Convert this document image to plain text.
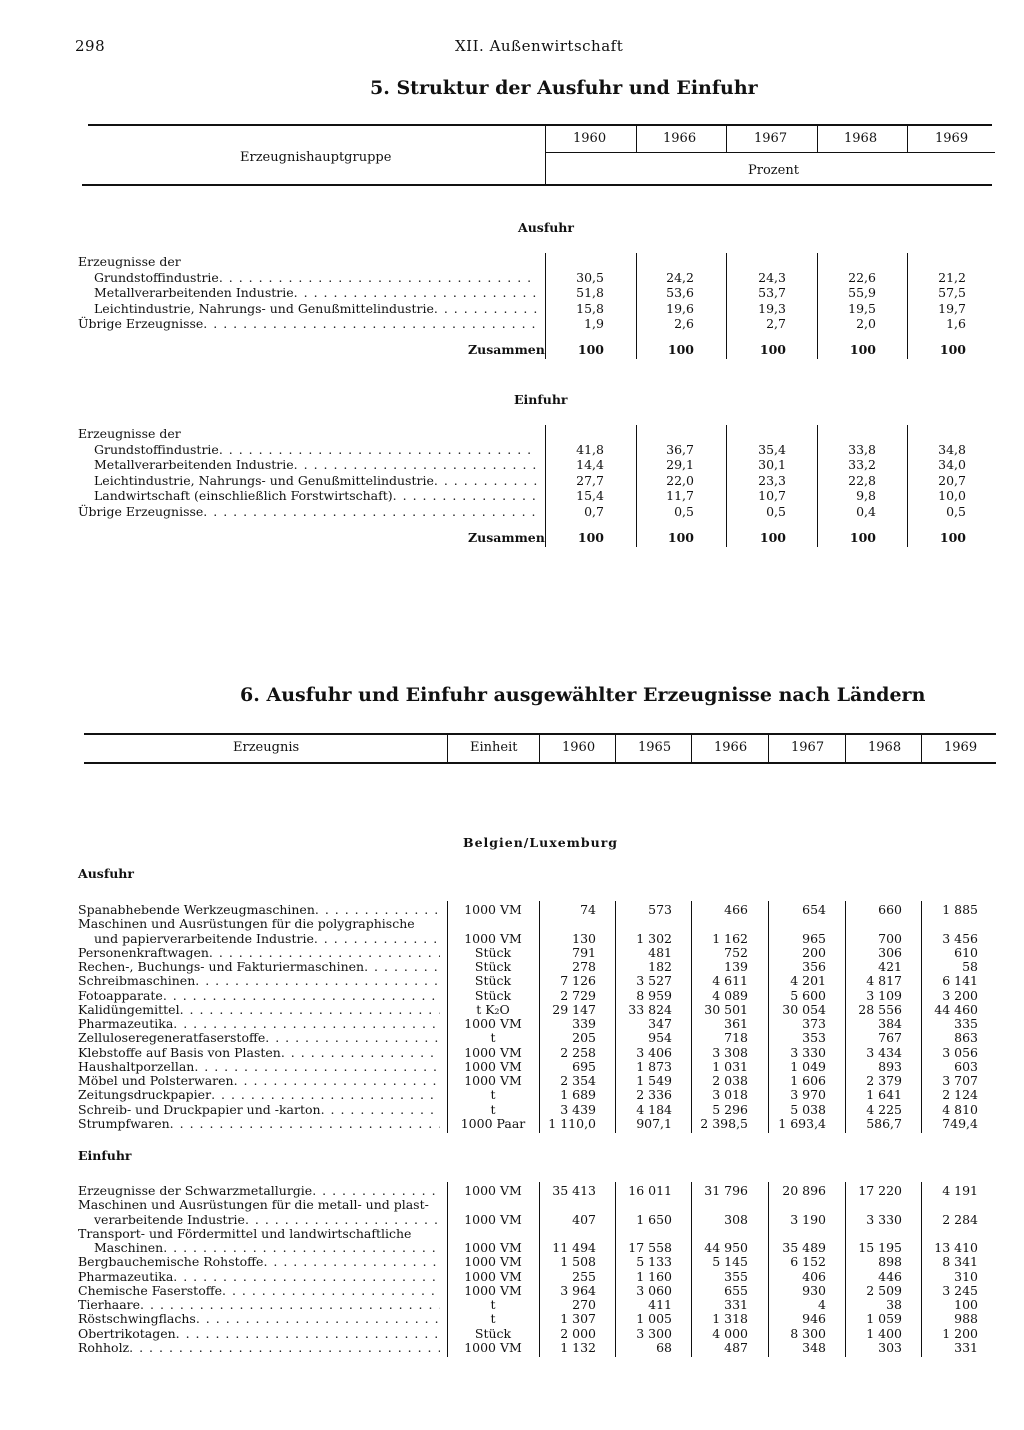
298	XII. Außenwirtschaft
5. Struktur der Ausfuhr und Einfuhr
Erzeugnishauptgruppe
1960	1966	1967	1968	1969
Prozent
Ausfuhr
Erzeugnisse der
Grundstoffindustrie . . .	30,5	24,2	24,3	22,6	21,2
Metallverarbeitenden Industrie . . .	51,8	53,6	53,7	55,9	57,5
Leichtindustrie, Nahrungs- und Genußmittelindustrie . . .	15,8	19,6	19,3	19,5	19,7
Übrige Erzeugnisse . . .	1,9	2,6	2,7	2,0	1,6
Zusammen	100	100	100	100	100
Einfuhr
Erzeugnisse der
Grundstoffindustrie . . .	41,8	36,7	35,4	33,8	34,8
Metallverarbeitenden Industrie . . .	14,4	29,1	30,1	33,2	34,0
Leichtindustrie, Nahrungs- und Genußmittelindustrie . . .	27,7	22,0	23,3	22,8	20,7
Landwirtschaft (einschließlich Forstwirtschaft) . . .	15,4	11,7	10,7	9,8	10,0
Übrige Erzeugnisse . . .	0,7	0,5	0,5	0,4	0,5
Zusammen	100	100	100	100	100
6. Ausfuhr und Einfuhr ausgewählter Erzeugnisse nach Ländern
Erzeugnis	Einheit	1960	1965	1966	1967	1968	1969
Belgien/Luxemburg
Ausfuhr
Spanabhebende Werkzeugmaschinen . . .	1000 VM	74	573	466	654	660	1 885
Maschinen und Ausrüstungen für die polygraphische
und papierverarbeitende Industrie . . .	1000 VM	130	1 302	1 162	965	700	3 456
Personenkraftwagen . . .	Stück	791	481	752	200	306	610
Rechen-, Buchungs- und Fakturiermaschinen . . .	Stück	278	182	139	356	421	58
Schreibmaschinen . . .	Stück	7 126	3 527	4 611	4 201	4 817	6 141
Fotoapparate . . .	Stück	2 729	8 959	4 089	5 600	3 109	3 200
Kalidüngemittel . . .	t K₂O	29 147	33 824	30 501	30 054	28 556	44 460
Pharmazeutika . . .	1000 VM	339	347	361	373	384	335
Zelluloseregeneratfaserstoffe . . .	t	205	954	718	353	767	863
Klebstoffe auf Basis von Plasten . . .	1000 VM	2 258	3 406	3 308	3 330	3 434	3 056
Haushaltporzellan . . .	1000 VM	695	1 873	1 031	1 049	893	603
Möbel und Polsterwaren . . .	1000 VM	2 354	1 549	2 038	1 606	2 379	3 707
Zeitungsdruckpapier . . .	t	1 689	2 336	3 018	3 970	1 641	2 124
Schreib- und Druckpapier und -karton . . .	t	3 439	4 184	5 296	5 038	4 225	4 810
Strumpfwaren . . .	1000 Paar	1 110,0	907,1	2 398,5	1 693,4	586,7	749,4
Einfuhr
Erzeugnisse der Schwarzmetallurgie . . .	1000 VM	35 413	16 011	31 796	20 896	17 220	4 191
Maschinen und Ausrüstungen für die metall- und plast-
verarbeitende Industrie . . .	1000 VM	407	1 650	308	3 190	3 330	2 284
Transport- und Fördermittel und landwirtschaftliche
Maschinen . . .	1000 VM	11 494	17 558	44 950	35 489	15 195	13 410
Bergbauchemische Rohstoffe . . .	1000 VM	1 508	5 133	5 145	6 152	898	8 341
Pharmazeutika . . .	1000 VM	255	1 160	355	406	446	310
Chemische Faserstoffe . . .	1000 VM	3 964	3 060	655	930	2 509	3 245
Tierhaare . . .	t	270	411	331	4	38	100
Röstschwingflachs . . .	t	1 307	1 005	1 318	946	1 059	988
Obertrikotagen . . .	Stück	2 000	3 300	4 000	8 300	1 400	1 200
Rohholz . . .	1000 VM	1 132	68	487	348	303	331
